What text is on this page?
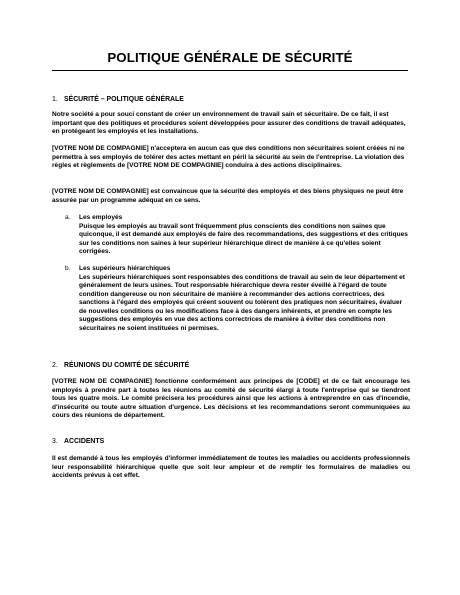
POLITIQUE GÉNÉRALE DE SÉCURITÉ
1. SÉCURITÉ – POLITIQUE GÉNÉRALE

Notre société a pour souci constant de créer un environnement de travail sain et sécuritaire. De ce fait, il est important que des politiques et procédures soient développées pour assurer des conditions de travail adéquates, en protégeant les employés et les installations.

[VOTRE NOM DE COMPAGNIE] n'acceptera en aucun cas que des conditions non sécuritaires soient créées ni ne permettra à ses employés de tolérer des actes mettant en péril la sécurité au sein de l'entreprise. La violation des règles et règlements de [VOTRE NOM DE COMPAGNIE] conduira à des actions disciplinaires.

[VOTRE NOM DE COMPAGNIE] est convaincue que la sécurité des employés et des biens physiques ne peut être assurée par un programme adéquat en ce sens.

a. Les employés
Puisque les employés au travail sont fréquemment plus conscients des conditions non saines que quiconque, il est demandé aux employés de faire des recommandations, des suggestions et des critiques sur les conditions non saines à leur supérieur hiérarchique direct de manière à ce qu'elles soient corrigées.
b. Les supérieurs hiérarchiques
Les supérieurs hiérarchiques sont responsables des conditions de travail au sein de leur département et généralement de leurs usines. Tout responsable hiérarchique devra rester éveillé à l'égard de toute condition dangereuse ou non sécuritaire de manière à recommander des actions correctrices, des sanctions à l'égard des employés qui créent souvent ou tolèrent des pratiques non sécuritaires, évaluer de nouvelles conditions ou les modifications face à des dangers inhérents, et prendre en compte les suggestions des employés en vue des actions correctrices de manière à éviter des conditions non sécuritaires ne soient instituées ni permises.
2. RÉUNIONS DU COMITÉ DE SÉCURITÉ

[VOTRE NOM DE COMPAGNIE] fonctionne conformément aux principes de [CODE] et de ce fait encourage les employés à prendre part à toutes les réunions au comité de sécurité élargi à toute l'entreprise qui se tiendront tous les quatre mois. Le comité précisera les procédures ainsi que les actions à entreprendre en cas d'incendie, d'insécurité ou toute autre situation d'urgence. Les décisions et les recommandations seront communiquées au cours des réunions de département.

3. ACCIDENTS

Il est demandé à tous les employés d'informer immédiatement de toutes les maladies ou accidents professionnels leur responsabilité hiérarchique quelle que soit leur ampleur et de remplir les formulaires de maladies ou accidents prévus à cet effet.
